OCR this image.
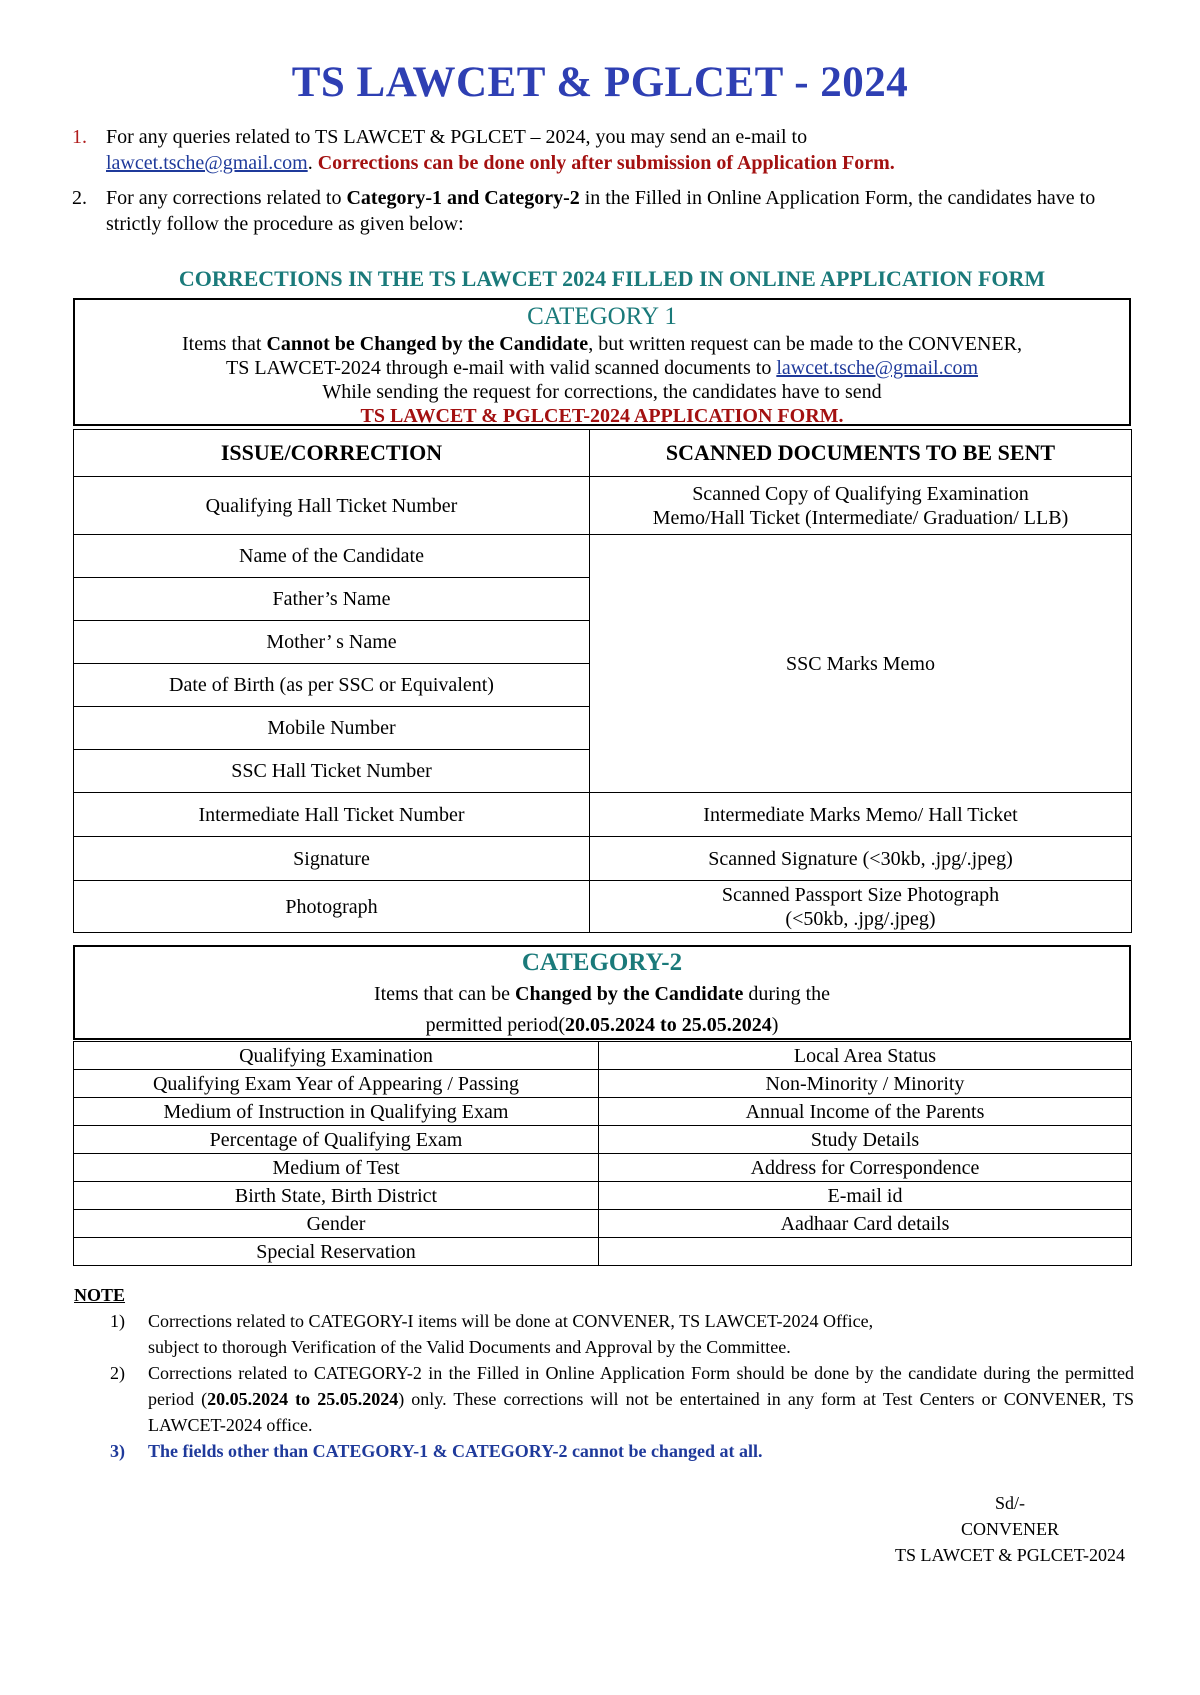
TS LAWCET & PGLCET - 2024
1. For any queries related to TS LAWCET & PGLCET – 2024, you may send an e-mail to
lawcet.tsche@gmail.com. Corrections can be done only after submission of Application Form.
2. For any corrections related to Category-1 and Category-2 in the Filled in Online Application Form, the candidates have to strictly follow the procedure as given below:
CORRECTIONS IN THE TS LAWCET 2024 FILLED IN ONLINE APPLICATION FORM
CATEGORY 1
Items that Cannot be Changed by the Candidate, but written request can be made to the CONVENER,
TS LAWCET-2024 through e-mail with valid scanned documents to lawcet.tsche@gmail.com
While sending the request for corrections, the candidates have to send
TS LAWCET & PGLCET-2024 APPLICATION FORM.
ISSUE/CORRECTION	SCANNED DOCUMENTS TO BE SENT
Qualifying Hall Ticket Number	Scanned Copy of Qualifying Examination
Memo/Hall Ticket (Intermediate/ Graduation/ LLB)

Name of the Candidate	SSC Marks Memo
Father’s Name	
Mother’ s Name	
Date of Birth (as per SSC or Equivalent)	
Mobile Number	
SSC Hall Ticket Number	
Intermediate Hall Ticket Number	Intermediate Marks Memo/ Hall Ticket
Signature	Scanned Signature (<30kb, .jpg/.jpeg)
Photograph	Scanned Passport Size Photograph
(<50kb, .jpg/.jpeg)
CATEGORY-2
Items that can be Changed by the Candidate during the
permitted period(20.05.2024 to 25.05.2024)
Qualifying Examination	Local Area Status
Qualifying Exam Year of Appearing / Passing	Non-Minority / Minority
Medium of Instruction in Qualifying Exam	Annual Income of the Parents
Percentage of Qualifying Exam	Study Details
Medium of Test	Address for Correspondence
Birth State, Birth District	E-mail id
Gender	Aadhaar Card details
Special Reservation	
NOTE
1) Corrections related to CATEGORY-I items will be done at CONVENER, TS LAWCET-2024 Office,
subject to thorough Verification of the Valid Documents and Approval by the Committee.
2) Corrections related to CATEGORY-2 in the Filled in Online Application Form should be done by the candidate during the permitted period (20.05.2024 to 25.05.2024) only. These corrections will not be entertained in any form at Test Centers or CONVENER, TS LAWCET-2024 office.
3) The fields other than CATEGORY-1 & CATEGORY-2 cannot be changed at all.
Sd/-
CONVENER
TS LAWCET & PGLCET-2024
